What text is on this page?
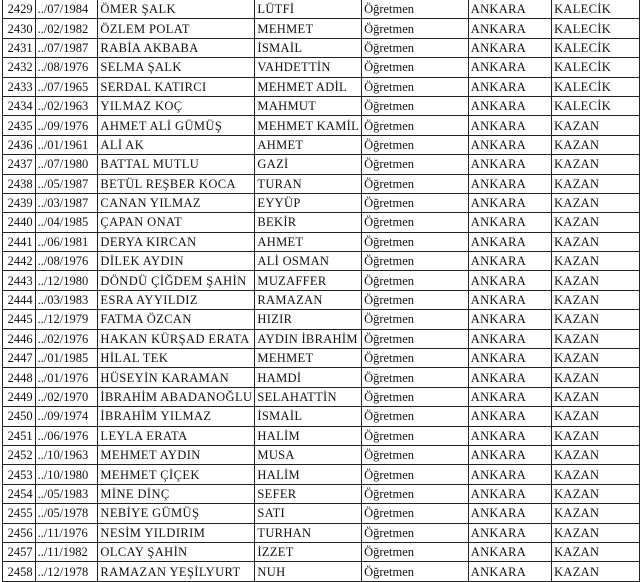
2429	../07/1984	ÖMER ŞALK	LÜTFİ	Öğretmen	ANKARA	KALECİK
2430	../02/1982	ÖZLEM POLAT	MEHMET	Öğretmen	ANKARA	KALECİK
2431	../07/1987	RABİA AKBABA	İSMAİL	Öğretmen	ANKARA	KALECİK
2432	../08/1976	SELMA ŞALK	VAHDETTİN	Öğretmen	ANKARA	KALECİK
2433	../07/1965	SERDAL KATIRCI	MEHMET ADİL	Öğretmen	ANKARA	KALECİK
2434	../02/1963	YILMAZ KOÇ	MAHMUT	Öğretmen	ANKARA	KALECİK
2435	../09/1976	AHMET ALİ GÜMÜŞ	MEHMET KAMİL	Öğretmen	ANKARA	KAZAN
2436	../01/1961	ALİ AK	AHMET	Öğretmen	ANKARA	KAZAN
2437	../07/1980	BATTAL MUTLU	GAZİ	Öğretmen	ANKARA	KAZAN
2438	../05/1987	BETÜL REŞBER KOCA	TURAN	Öğretmen	ANKARA	KAZAN
2439	../03/1987	CANAN YILMAZ	EYYÜP	Öğretmen	ANKARA	KAZAN
2440	../04/1985	ÇAPAN ONAT	BEKİR	Öğretmen	ANKARA	KAZAN
2441	../06/1981	DERYA KIRCAN	AHMET	Öğretmen	ANKARA	KAZAN
2442	../08/1976	DİLEK AYDIN	ALİ OSMAN	Öğretmen	ANKARA	KAZAN
2443	../12/1980	DÖNDÜ ÇİĞDEM ŞAHİN	MUZAFFER	Öğretmen	ANKARA	KAZAN
2444	../03/1983	ESRA AYYILDIZ	RAMAZAN	Öğretmen	ANKARA	KAZAN
2445	../12/1979	FATMA ÖZCAN	HIZIR	Öğretmen	ANKARA	KAZAN
2446	../02/1976	HAKAN KÜRŞAD ERATA	AYDIN İBRAHİM	Öğretmen	ANKARA	KAZAN
2447	../01/1985	HİLAL TEK	MEHMET	Öğretmen	ANKARA	KAZAN
2448	../01/1976	HÜSEYİN KARAMAN	HAMDİ	Öğretmen	ANKARA	KAZAN
2449	../02/1970	İBRAHİM ABADANOĞLU	SELAHATTİN	Öğretmen	ANKARA	KAZAN
2450	../09/1974	İBRAHİM YILMAZ	İSMAİL	Öğretmen	ANKARA	KAZAN
2451	../06/1976	LEYLA ERATA	HALİM	Öğretmen	ANKARA	KAZAN
2452	../10/1963	MEHMET AYDIN	MUSA	Öğretmen	ANKARA	KAZAN
2453	../10/1980	MEHMET ÇİÇEK	HALİM	Öğretmen	ANKARA	KAZAN
2454	../05/1983	MİNE DİNÇ	SEFER	Öğretmen	ANKARA	KAZAN
2455	../05/1978	NEBİYE GÜMÜŞ	SATI	Öğretmen	ANKARA	KAZAN
2456	../11/1976	NESİM YILDIRIM	TURHAN	Öğretmen	ANKARA	KAZAN
2457	../11/1982	OLCAY ŞAHİN	İZZET	Öğretmen	ANKARA	KAZAN
2458	../12/1978	RAMAZAN YEŞİLYURT	NUH	Öğretmen	ANKARA	KAZAN
